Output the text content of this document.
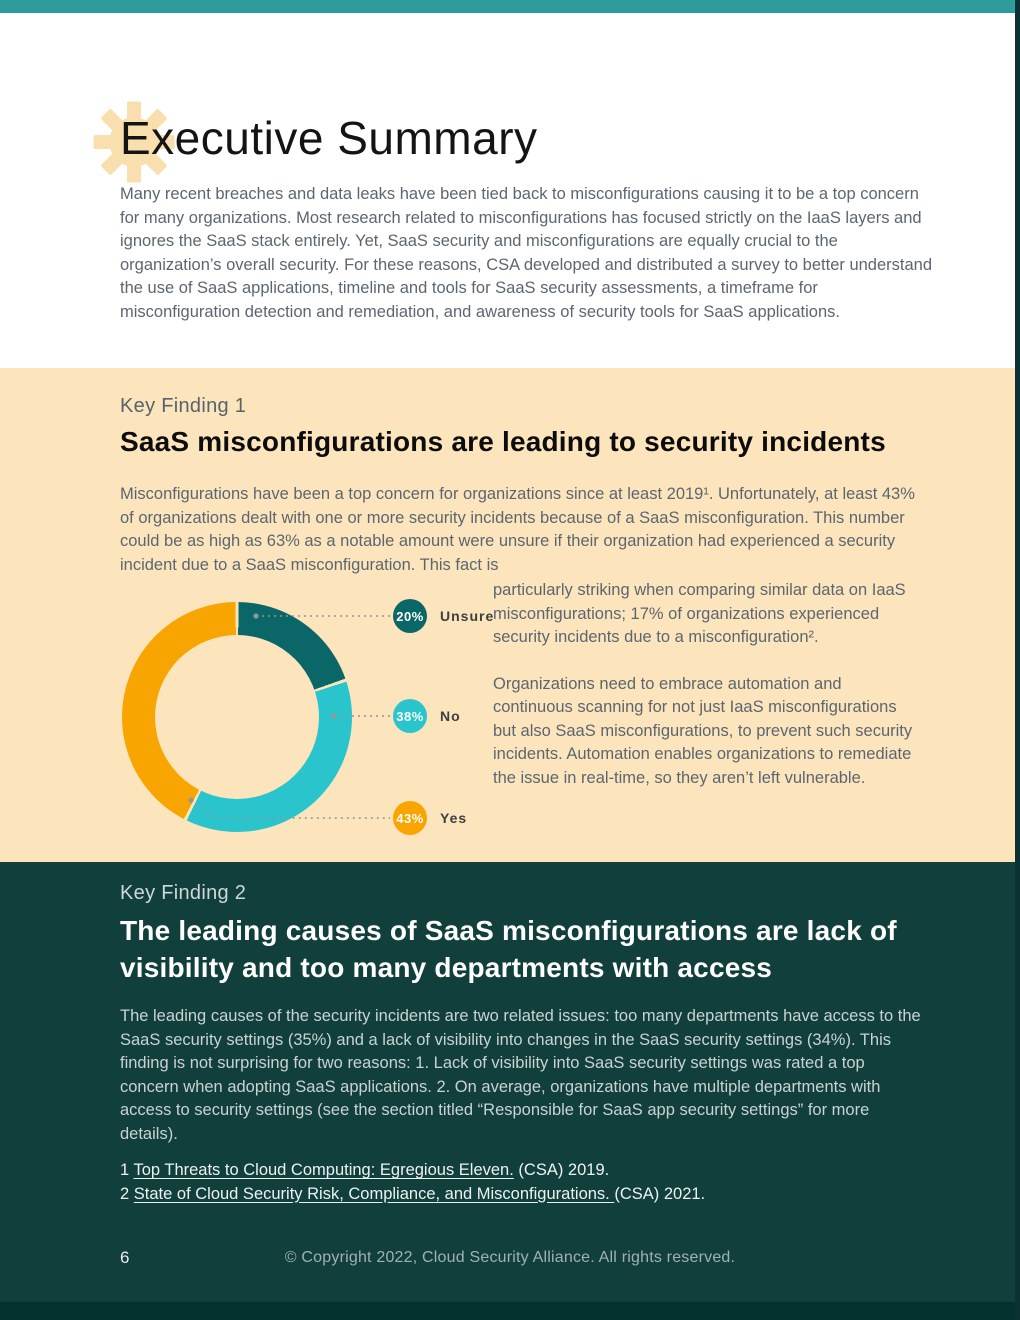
Executive Summary

Many recent breaches and data leaks have been tied back to misconfigurations causing it to be a top concern for many organizations. Most research related to misconfigurations has focused strictly on the IaaS layers and ignores the SaaS stack entirely. Yet, SaaS security and misconfigurations are equally crucial to the organization’s overall security. For these reasons, CSA developed and distributed a survey to better understand the use of SaaS applications, timeline and tools for SaaS security assessments, a timeframe for misconfiguration detection and remediation, and awareness of security tools for SaaS applications.

Key Finding 1
SaaS misconfigurations are leading to security incidents

Misconfigurations have been a top concern for organizations since at least 2019¹. Unfortunately, at least 43% of organizations dealt with one or more security incidents because of a SaaS misconfiguration. This number could be as high as 63% as a notable amount were unsure if their organization had experienced a security incident due to a SaaS misconfiguration. This fact is

20 % Unsure
38 % No
43 % Yes

particularly striking when comparing similar data on IaaS misconfigurations; 17% of organizations experienced security incidents due to a misconfiguration².

Organizations need to embrace automation and continuous scanning for not just IaaS misconfigurations but also SaaS misconfigurations, to prevent such security incidents. Automation enables organizations to remediate the issue in real-time, so they aren’t left vulnerable.

Key Finding 2
The leading causes of SaaS misconfigurations are lack of visibility and too many departments with access

The leading causes of the security incidents are two related issues: too many departments have access to the SaaS security settings (35%) and a lack of visibility into changes in the SaaS security settings (34%). This finding is not surprising for two reasons: 1. Lack of visibility into SaaS security settings was rated a top concern when adopting SaaS applications. 2. On average, organizations have multiple departments with access to security settings (see the section titled “Responsible for SaaS app security settings” for more details).

1 Top Threats to Cloud Computing: Egregious Eleven. (CSA) 2019.
2 State of Cloud Security Risk, Compliance, and Misconfigurations. (CSA) 2021.
6	© Copyright 2022, Cloud Security Alliance. All rights reserved.
